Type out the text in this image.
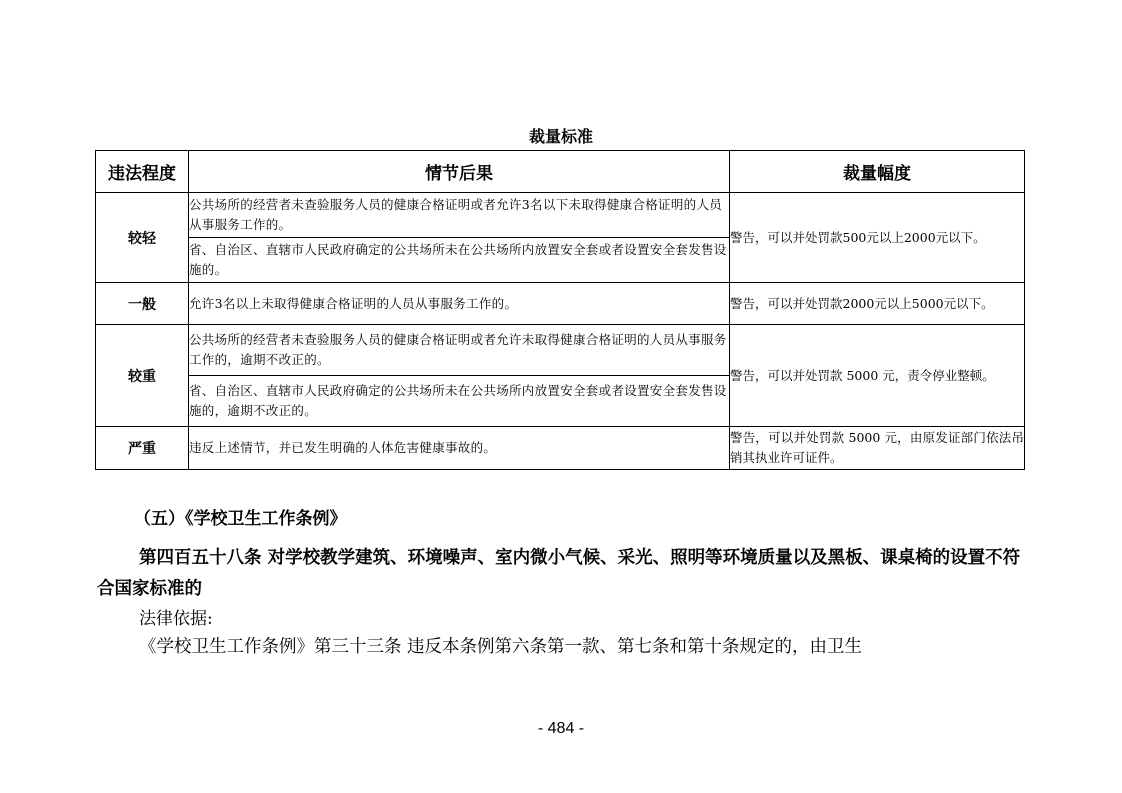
裁量标准
违法程度	情节后果	裁量幅度
较轻	公共场所的经营者未查验服务人员的健康合格证明或者允许3名以下未取得健康合格证明的人员从事服务工作的。	警告，可以并处罚款500元以上2000元以下。
	省、自治区、直辖市人民政府确定的公共场所未在公共场所内放置安全套或者设置安全套发售设施的。	
一般	允许3名以上未取得健康合格证明的人员从事服务工作的。	警告，可以并处罚款2000元以上5000元以下。
较重	公共场所的经营者未查验服务人员的健康合格证明或者允许未取得健康合格证明的人员从事服务工作的，逾期不改正的。	警告，可以并处罚款 5000 元，责令停业整顿。
	省、自治区、直辖市人民政府确定的公共场所未在公共场所内放置安全套或者设置安全套发售设施的，逾期不改正的。	
严重	违反上述情节，并已发生明确的人体危害健康事故的。	警告，可以并处罚款 5000 元，由原发证部门依法吊销其执业许可证件。
（五）《学校卫生工作条例》
第四百五十八条 对学校教学建筑、环境噪声、室内微小气候、采光、照明等环境质量以及黑板、课桌椅的设置不符合国家标准的
法律依据:
《学校卫生工作条例》第三十三条 违反本条例第六条第一款、第七条和第十条规定的，由卫生
- 484 -
